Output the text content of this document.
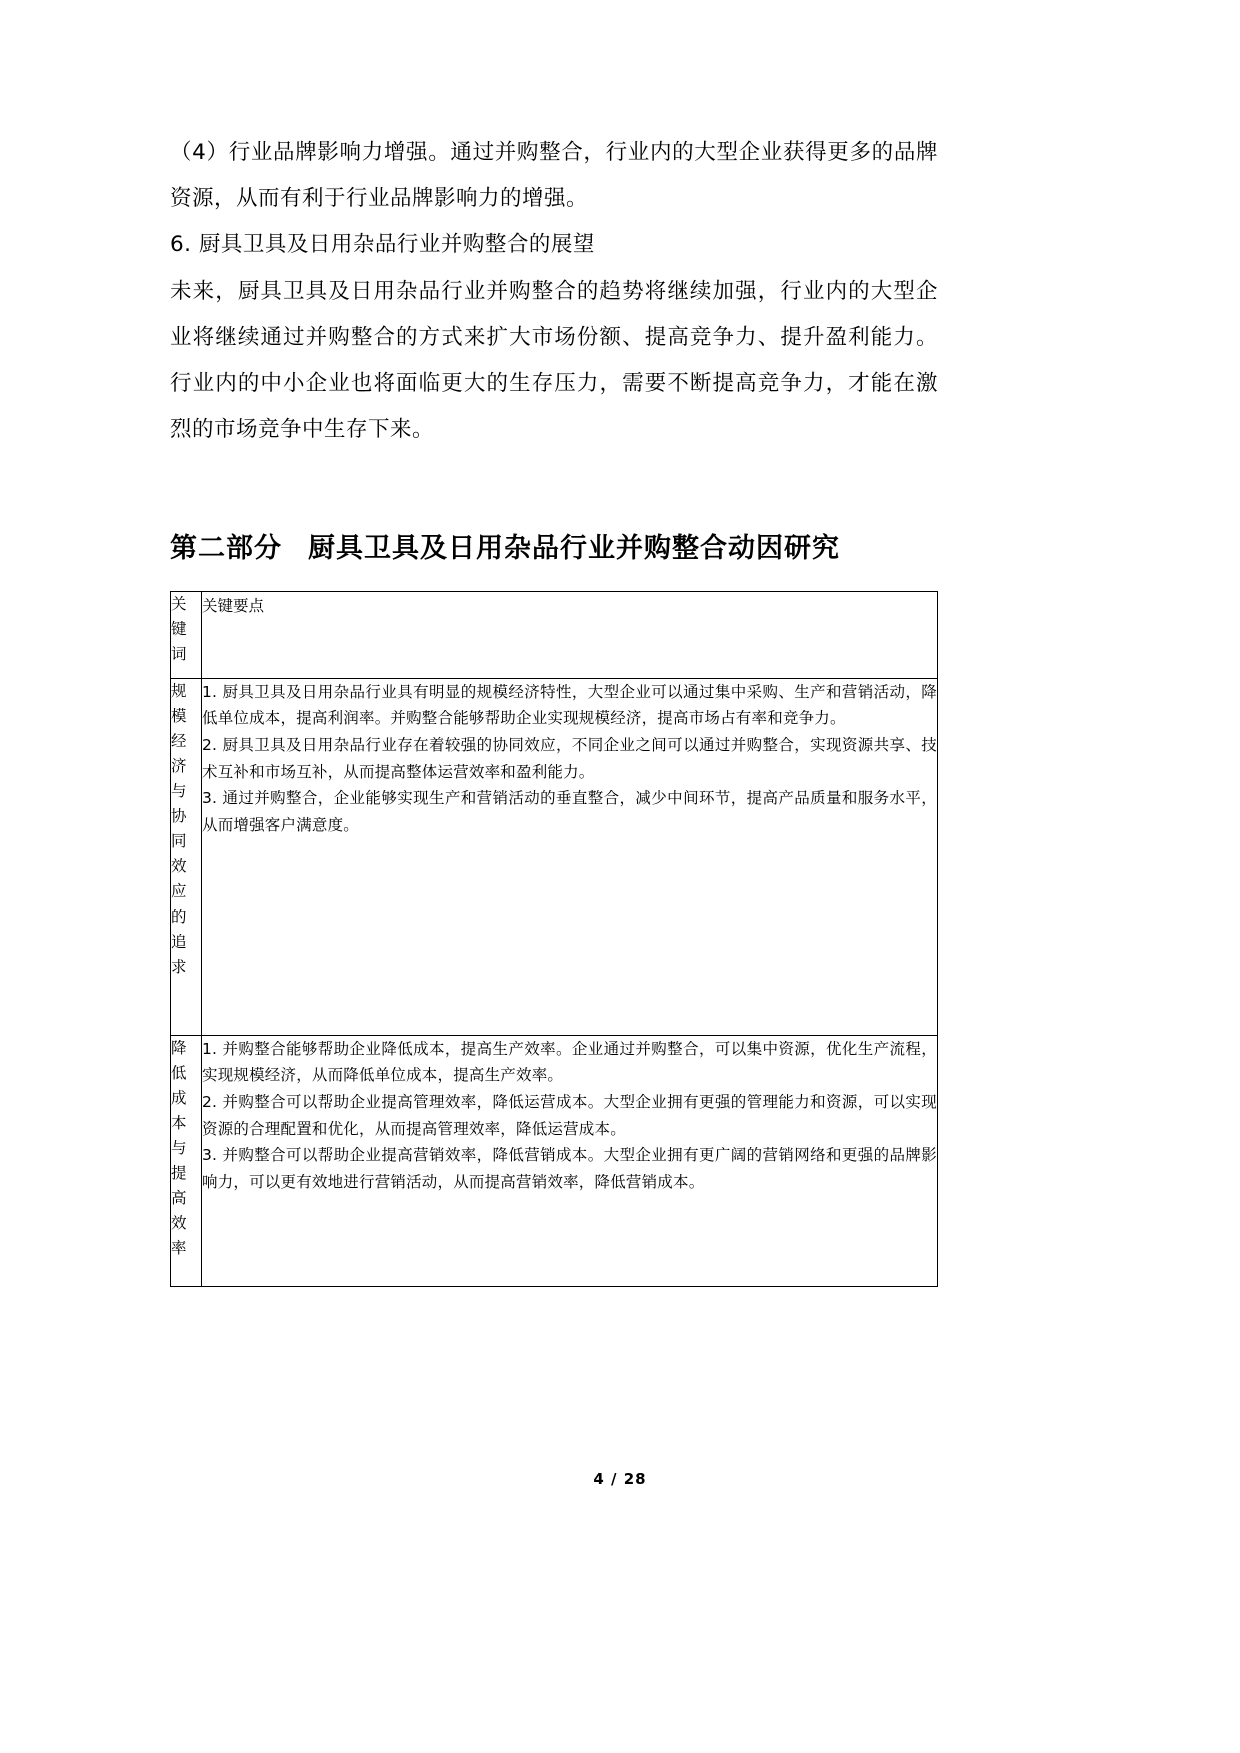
（4）行业品牌影响力增强。通过并购整合，行业内的大型企业获得更多的品牌资源，从而有利于行业品牌影响力的增强。

6. 厨具卫具及日用杂品行业并购整合的展望

未来，厨具卫具及日用杂品行业并购整合的趋势将继续加强，行业内的大型企业将继续通过并购整合的方式来扩大市场份额、提高竞争力、提升盈利能力。行业内的中小企业也将面临更大的生存压力，需要不断提高竞争力，才能在激烈的市场竞争中生存下来。

第二部分 厨具卫具及日用杂品行业并购整合动因研究
关键词	关键要点

规模经济与协同效应的追求	1. 厨具卫具及日用杂品行业具有明显的规模经济特性，大型企业可以通过集中采购、生产和营销活动，降低单位成本，提高利润率。并购整合能够帮助企业实现规模经济，提高市场占有率和竞争力。

2. 厨具卫具及日用杂品行业存在着较强的协同效应，不同企业之间可以通过并购整合，实现资源共享、技术互补和市场互补，从而提高整体运营效率和盈利能力。

3. 通过并购整合，企业能够实现生产和营销活动的垂直整合，减少中间环节，提高产品质量和服务水平，从而增强客户满意度。

降低成本与提高效率	1. 并购整合能够帮助企业降低成本，提高生产效率。企业通过并购整合，可以集中资源，优化生产流程，实现规模经济，从而降低单位成本，提高生产效率。

2. 并购整合可以帮助企业提高管理效率，降低运营成本。大型企业拥有更强的管理能力和资源，可以实现资源的合理配置和优化，从而提高管理效率，降低运营成本。

3. 并购整合可以帮助企业提高营销效率，降低营销成本。大型企业拥有更广阔的营销网络和更强的品牌影响力，可以更有效地进行营销活动，从而提高营销效率，降低营销成本。

4 / 28
